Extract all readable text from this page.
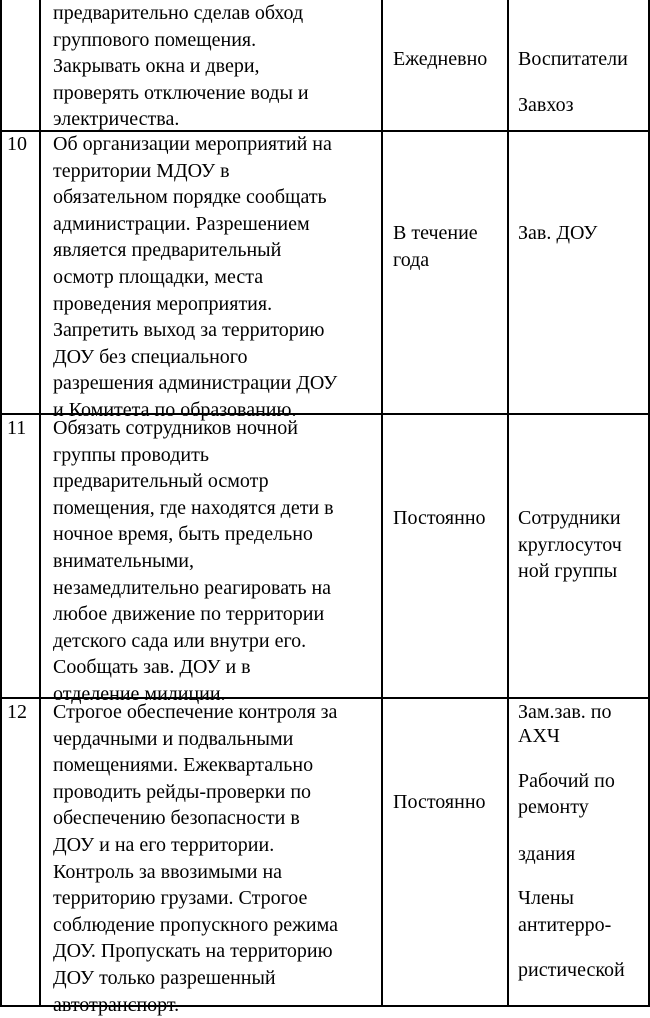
предварительно сделав обход
группового помещения.
Закрывать окна и двери,
проверять отключение воды и
электричества.
Ежедневно Воспитатели
Завхоз
10 Об организации мероприятий на
территории МДОУ в
обязательном порядке сообщать
администрации. Разрешением
является предварительный
осмотр площадки, места
проведения мероприятия.
Запретить выход за территорию
ДОУ без специального
разрешения администрации ДОУ
и Комитета по образованию.
В течение
года
Зав. ДОУ
11 Обязать сотрудников ночной
группы проводить
предварительный осмотр
помещения, где находятся дети в
ночное время, быть предельно
внимательными,
незамедлительно реагировать на
любое движение по территории
детского сада или внутри его.
Сообщать зав. ДОУ и в
отделение милиции.
Постоянно Сотрудники
круглосуточ
ной группы
12 Строгое обеспечение контроля за
чердачными и подвальными
помещениями. Ежеквартально
проводить рейды-проверки по
обеспечению безопасности в
ДОУ и на его территории.
Контроль за ввозимыми на
территорию грузами. Строгое
соблюдение пропускного режима
ДОУ. Пропускать на территорию
ДОУ только разрешенный
автотранспорт.
Постоянно
Зам.зав. по
АХЧ
Рабочий по
ремонту
здания
Члены
антитерро-
ристической
